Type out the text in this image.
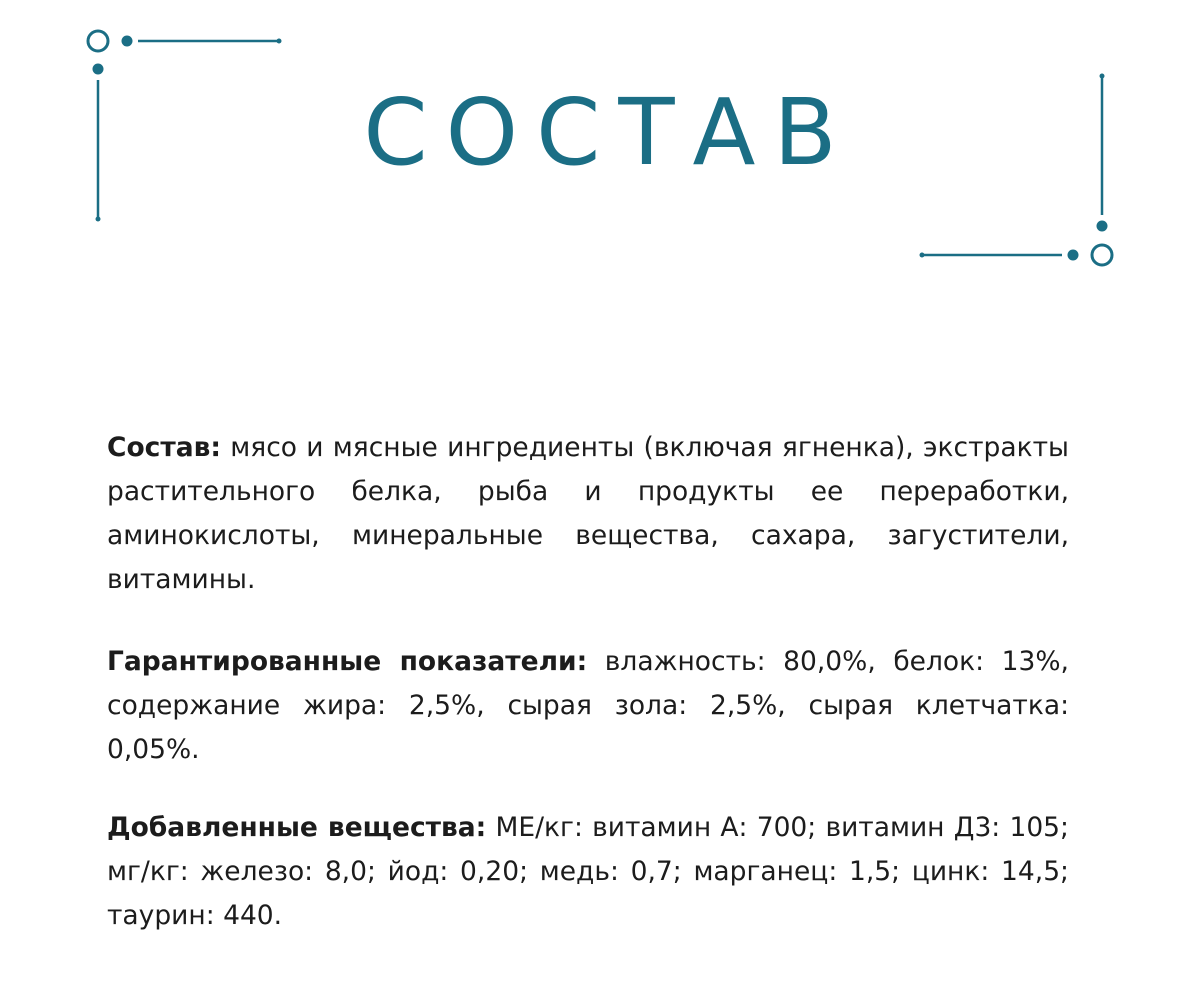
СОСТАВ

Состав: мясо и мясные ингредиенты (включая ягненка), экстракты растительного белка, рыба и продукты ее переработки, аминокислоты, минеральные вещества, сахара, загустители, витамины.

Гарантированные показатели: влажность: 80,0%, белок: 13%, содержание жира: 2,5%, сырая зола: 2,5%, сырая клетчатка: 0,05%.

Добавленные вещества: МЕ/кг: витамин А: 700; витамин Д3: 105; мг/кг: железо: 8,0; йод: 0,20; медь: 0,7; марганец: 1,5; цинк: 14,5; таурин: 440.
